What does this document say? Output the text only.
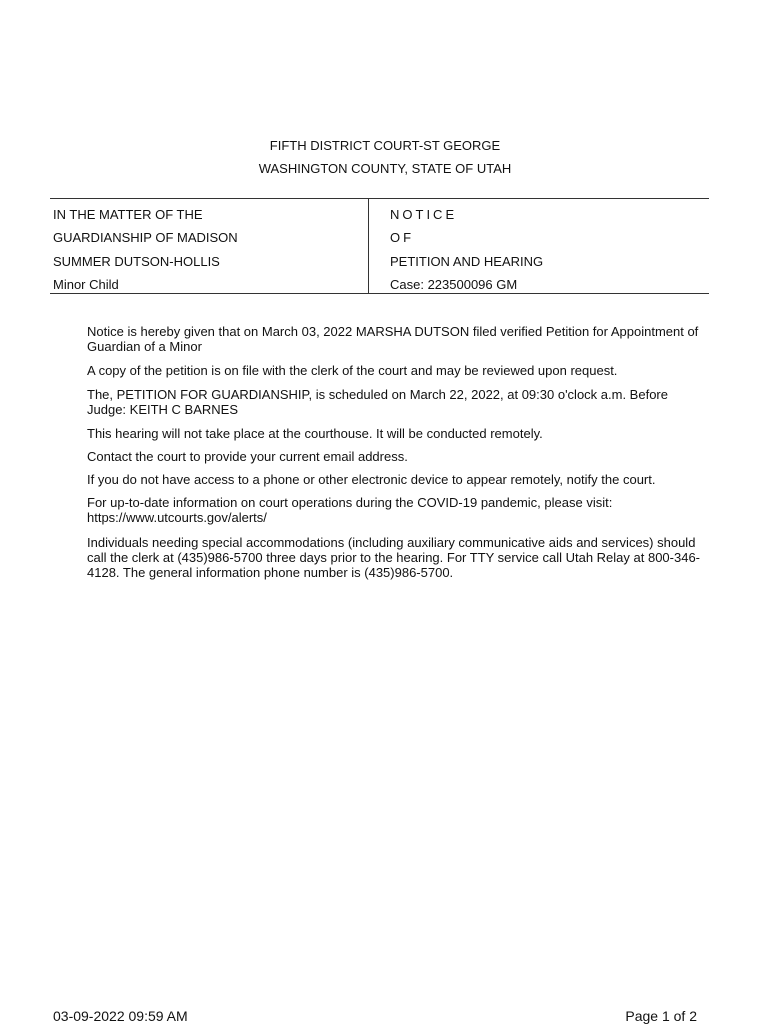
FIFTH DISTRICT COURT-ST GEORGE
WASHINGTON COUNTY, STATE OF UTAH
IN THE MATTER OF THE
GUARDIANSHIP OF MADISON
SUMMER DUTSON-HOLLIS
Minor Child
NOTICE
OF
PETITION AND HEARING
Case: 223500096 GM

Notice is hereby given that on March 03, 2022 MARSHA DUTSON filed verified Petition for Appointment of Guardian of a Minor

A copy of the petition is on file with the clerk of the court and may be reviewed upon request.

The, PETITION FOR GUARDIANSHIP, is scheduled on March 22, 2022, at 09:30 o'clock a.m. Before Judge: KEITH C BARNES

This hearing will not take place at the courthouse. It will be conducted remotely.

Contact the court to provide your current email address.

If you do not have access to a phone or other electronic device to appear remotely, notify the court.

For up-to-date information on court operations during the COVID-19 pandemic, please visit: https://www.utcourts.gov/alerts/

Individuals needing special accommodations (including auxiliary communicative aids and services) should call the clerk at (435)986-5700 three days prior to the hearing. For TTY service call Utah Relay at 800-346-4128. The general information phone number is (435)986-5700.

03-09-2022 09:59 AM	Page 1 of 2
